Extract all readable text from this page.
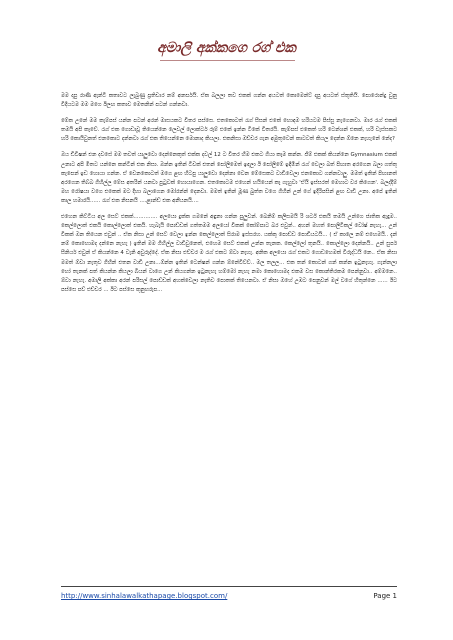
අමාලි අක්කගෙ රග් එක

මම දාපු රාණි ඇන්ටි කතාවට ලැබුණු ප්‍රතිචාර නම් අනර්ඝයි. ඒක බලලා තව එකක් ගන්න අයටත් කොමෙන්ට් දාපු අයටත් ස්තූතියි. පොරොන්දු වුනු විදියටම මම මගෙ ඊලඟ කතාව මෙතනින් පටන් ගන්නවා.

මේක උනේ මම කැම්පස් යන්න පටන් අරන් මාසයකට විතර පස්සෙ. එතකොටත් රැග් සීසන් එකේ හොඳම හරියටම පිස්සු නැගෙනවා. මාර රැග් එකක් තමයි අපි කෑවේ. රැග් එක ගොඩාවූ තියෙන්නෙ ලෙවල් ලොක්ටර් රූම් එකේ ඉන්න ටිකේ විතරයි. කැම්පස් එකෙත් හරි ටෙන්ශන් එකක්, හරි වැස්සකට හරි කොයිවුනත් එනකොට දන්නවා රැග් එක තියෙන්නෙ මොනාද කියලා. එකනිසා ඔච්චර ගැන අමුතුවෙන් කාටවත් කියල දෙන්න ඕනෙ නැහැනේ නේද?

ඔය ඩිවිෂන් එන දවසේ මම තවත් යාලුවො දෙන්නෙකුත් එක්ක දවල් 12 ට විතර හීම එකට ගියා කෑම කන්න. ජිම් එකක් කියන්නෙ Gymnasium එකක් උනාට අපි මිතට යන්නෙ කන්ටීන් එක නිසා. ඔන්න ඉතින් ටිවක් එතන් පෝලිමෙත් ඉඳලා ඊ පෝලිමේ ඉඳිමින් රැග් වෙලා බත් පිඟාත අරගෙන බලා ගත්තු කැපෙන් ඉඩ හොයා ගන්න. ඒ වෙනකොටත් මගෙ ළඟ හිටපු යාලුවො දෙන්නා වෙන මේසෙකට වාඩිවෙලා එනකොට ගන්නවාලු. මමත් ඉතින් පිඟානත් අරගෙන තිබ්බ ගිහිල්ල මේස අතරින් යනවා පුටුවක් හොයාගෙන. එතකොටම එහෙන් හයියෙන් කෑ ගැහුවා 'ඒයි ඉස්සරත් මෙහාට වර කිගෙන'. බලද්දිම් මහ රෝෂයා වගෙ එකෙක් මට දිහා බලාගෙන මෝරන්න් දෙනවා. මමත් ඉතින් මූණ බුත්ත වගෙ ගිහින් උන් ගේ ඉදිරිපසින් ළඟ වාඩි උනා. අපේ ඉතින් කාල හමාරයි...... රැග් එක නිසනයි ....ළාන්ඩ් එක අනීයනයි....

එහෙන කිට්ටිය අල සෙට් එකක්.............. අලයො දුක්ක ගමනේ අඳුනා ගන්න පුලුවන්. බෙනිම් කලිසමයි රි ශර්ට් එකයි තමයි උන්ගෙ ජාතික ඇඳුම.. කෙල්ලොත් එකයි කොල්ලොත් එකයි. හැබැයි පොඩ්ඩක් ගත්තමම අලයෝ විකක් කෝම්පාට බර එවුන්.. අහන් මහත් පොලිටිකල් වෝෂ් නැහැ... උන් විකක් ඔන තියෙන එවුන් .. ඒක නිසා උන් සෙට් වෙලා ඉන්න කෙල්ලොත් සිරාම ඉස්සරහ. යක්කු පොඩ්ඩ පොඩියටයි... ( ඒ කාලෙ නම් එහෙමයි.. දැන් නම් කොහොමද දන්නෙ නැහැ ) ඉතින් මම ගිහිල්ල වාඩිවුනෙත්, එහෙම සෙට් එකක් උන්න තැනක. කෙල්ලෝ තුනයි.. කොල්ලො දෙන්නයි.. උන් සුපර් සීනියර් එවුන් ඒ කියන්නෙ 4 වැනි අවුරුද්දේ. ඒක නිසා එච්චර ම රැග් එකට ඕවා නැහැ. අනික අලයො රැග් එකට ගොඩහෙමක් විරුද්ධයි නෙ.. ඒක නිසා මමත් ඕවා නැතුව ගිහින් එතන වාඩි උනා...ඕන්න ඉතින් ටෙන්ෂන් ගන්න ඕනේවිව්ව්.. මල තලල... එක තන් කොටන් ගන් කන්න ඉටුනැහැ. ගැන්නලා හෝ තැනක් පත් කියන්න කියලා බියන් වාගෙ උන් කියගන්න ඉටුනැහැ හම්මෝ නැහැ නමා කොහොමද එකම වස කොන්තිරකම පෙන්නුවා.. අම්මනෙ.. ඕවා නැහැ. අමාලි අක්කා අරන් පරිසල් පොඩ්ඩක් අහක්වෙලා නැතිව පොතක් තියෙනවා. ඒ නිසා ඔහේ උඹට පෙනුවන් මල් වගේ හිතුන්නෙ ...... ඊට පස්සෙ පව් එච්චර ... ඊට පස්සෙ කුනුහරුප...

http://www.sinhalawalkathapage.blogspot.com/	Page 1
